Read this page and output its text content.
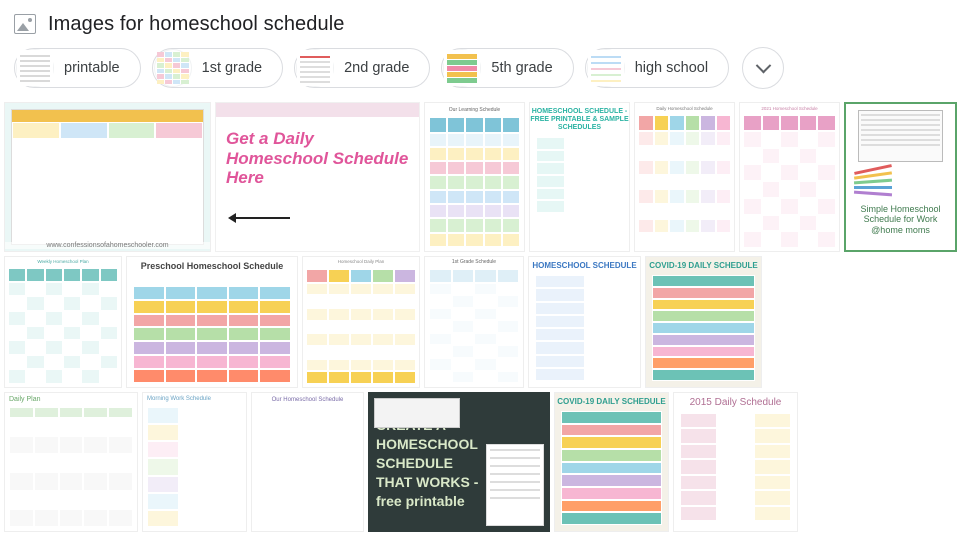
Images for homeschool schedule
printable	1st grade	2nd grade	5th grade	high school
www.confessionsofahomeschooler.com
Get a Daily Homeschool Schedule Here
Our Learning Schedule	HOMESCHOOL SCHEDULE - FREE PRINTABLE & SAMPLE SCHEDULES
Daily Homeschool Schedule	2021 Homeschool Schedule
Simple Homeschool Schedule for Work @home moms
Weekly Homeschool Plan	Preschool Homeschool Schedule	Homeschool Daily Plan	1st Grade Schedule	HOMESCHOOL SCHEDULE	COVID-19 DAILY SCHEDULE
Daily Plan	Morning Work Schedule	Our Homeschool Schedule
HOMESCHOOL SCHEDULE THAT WORKS - free printable
COVID-19 DAILY SCHEDULE	2015 Daily Schedule
